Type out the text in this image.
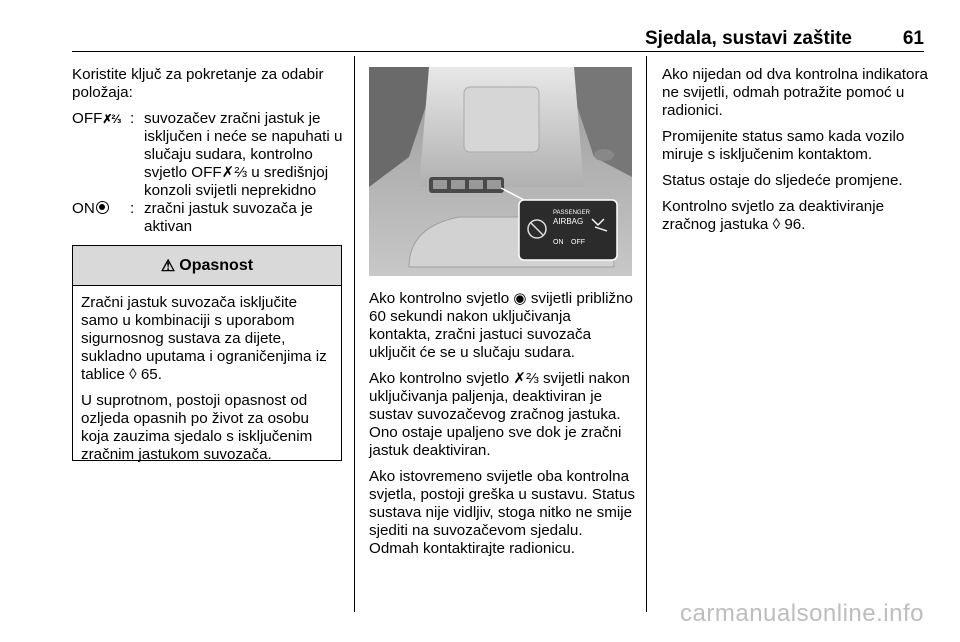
Sjedala, sustavi zaštite	61

Koristite ključ za pokretanje za odabir položaja:

OFF✗⅔ : suvozačev zračni jastuk je isključen i neće se napuhati u slučaju sudara, kontrolno svjetlo OFF✗⅔ u središnjoj konzoli svijetli neprekidno
ON	: zračni jastuk suvozača je aktivan
⚠ Opasnost

Zračni jastuk suvozača isključite samo u kombinaciji s uporabom sigurnosnog sustava za dijete, sukladno uputama i ograničenjima iz tablice ◊ 65.

U suprotnom, postoji opasnost od ozljeda opasnih po život za osobu koja zauzima sjedalo s isključenim zračnim jastukom suvozača.

PASSENGER
AIRBAG
ON OFF

Ako kontrolno svjetlo ◉ svijetli približno 60 sekundi nakon uključivanja kontakta, zračni jastuci suvozača uključit će se u slučaju sudara.

Ako kontrolno svjetlo ✗⅔ svijetli nakon uključivanja paljenja, deaktiviran je sustav suvozačevog zračnog jastuka. Ono ostaje upaljeno sve dok je zračni jastuk deaktiviran.

Ako istovremeno svijetle oba kontrolna svjetla, postoji greška u sustavu. Status sustava nije vidljiv, stoga nitko ne smije sjediti na suvozačevom sjedalu. Odmah kontaktirajte radionicu.

Ako nijedan od dva kontrolna indikatora ne svijetli, odmah potražite pomoć u radionici.

Promijenite status samo kada vozilo miruje s isključenim kontaktom.

Status ostaje do sljedeće promjene.

Kontrolno svjetlo za deaktiviranje zračnog jastuka ◊ 96.

carmanualsonline.info
